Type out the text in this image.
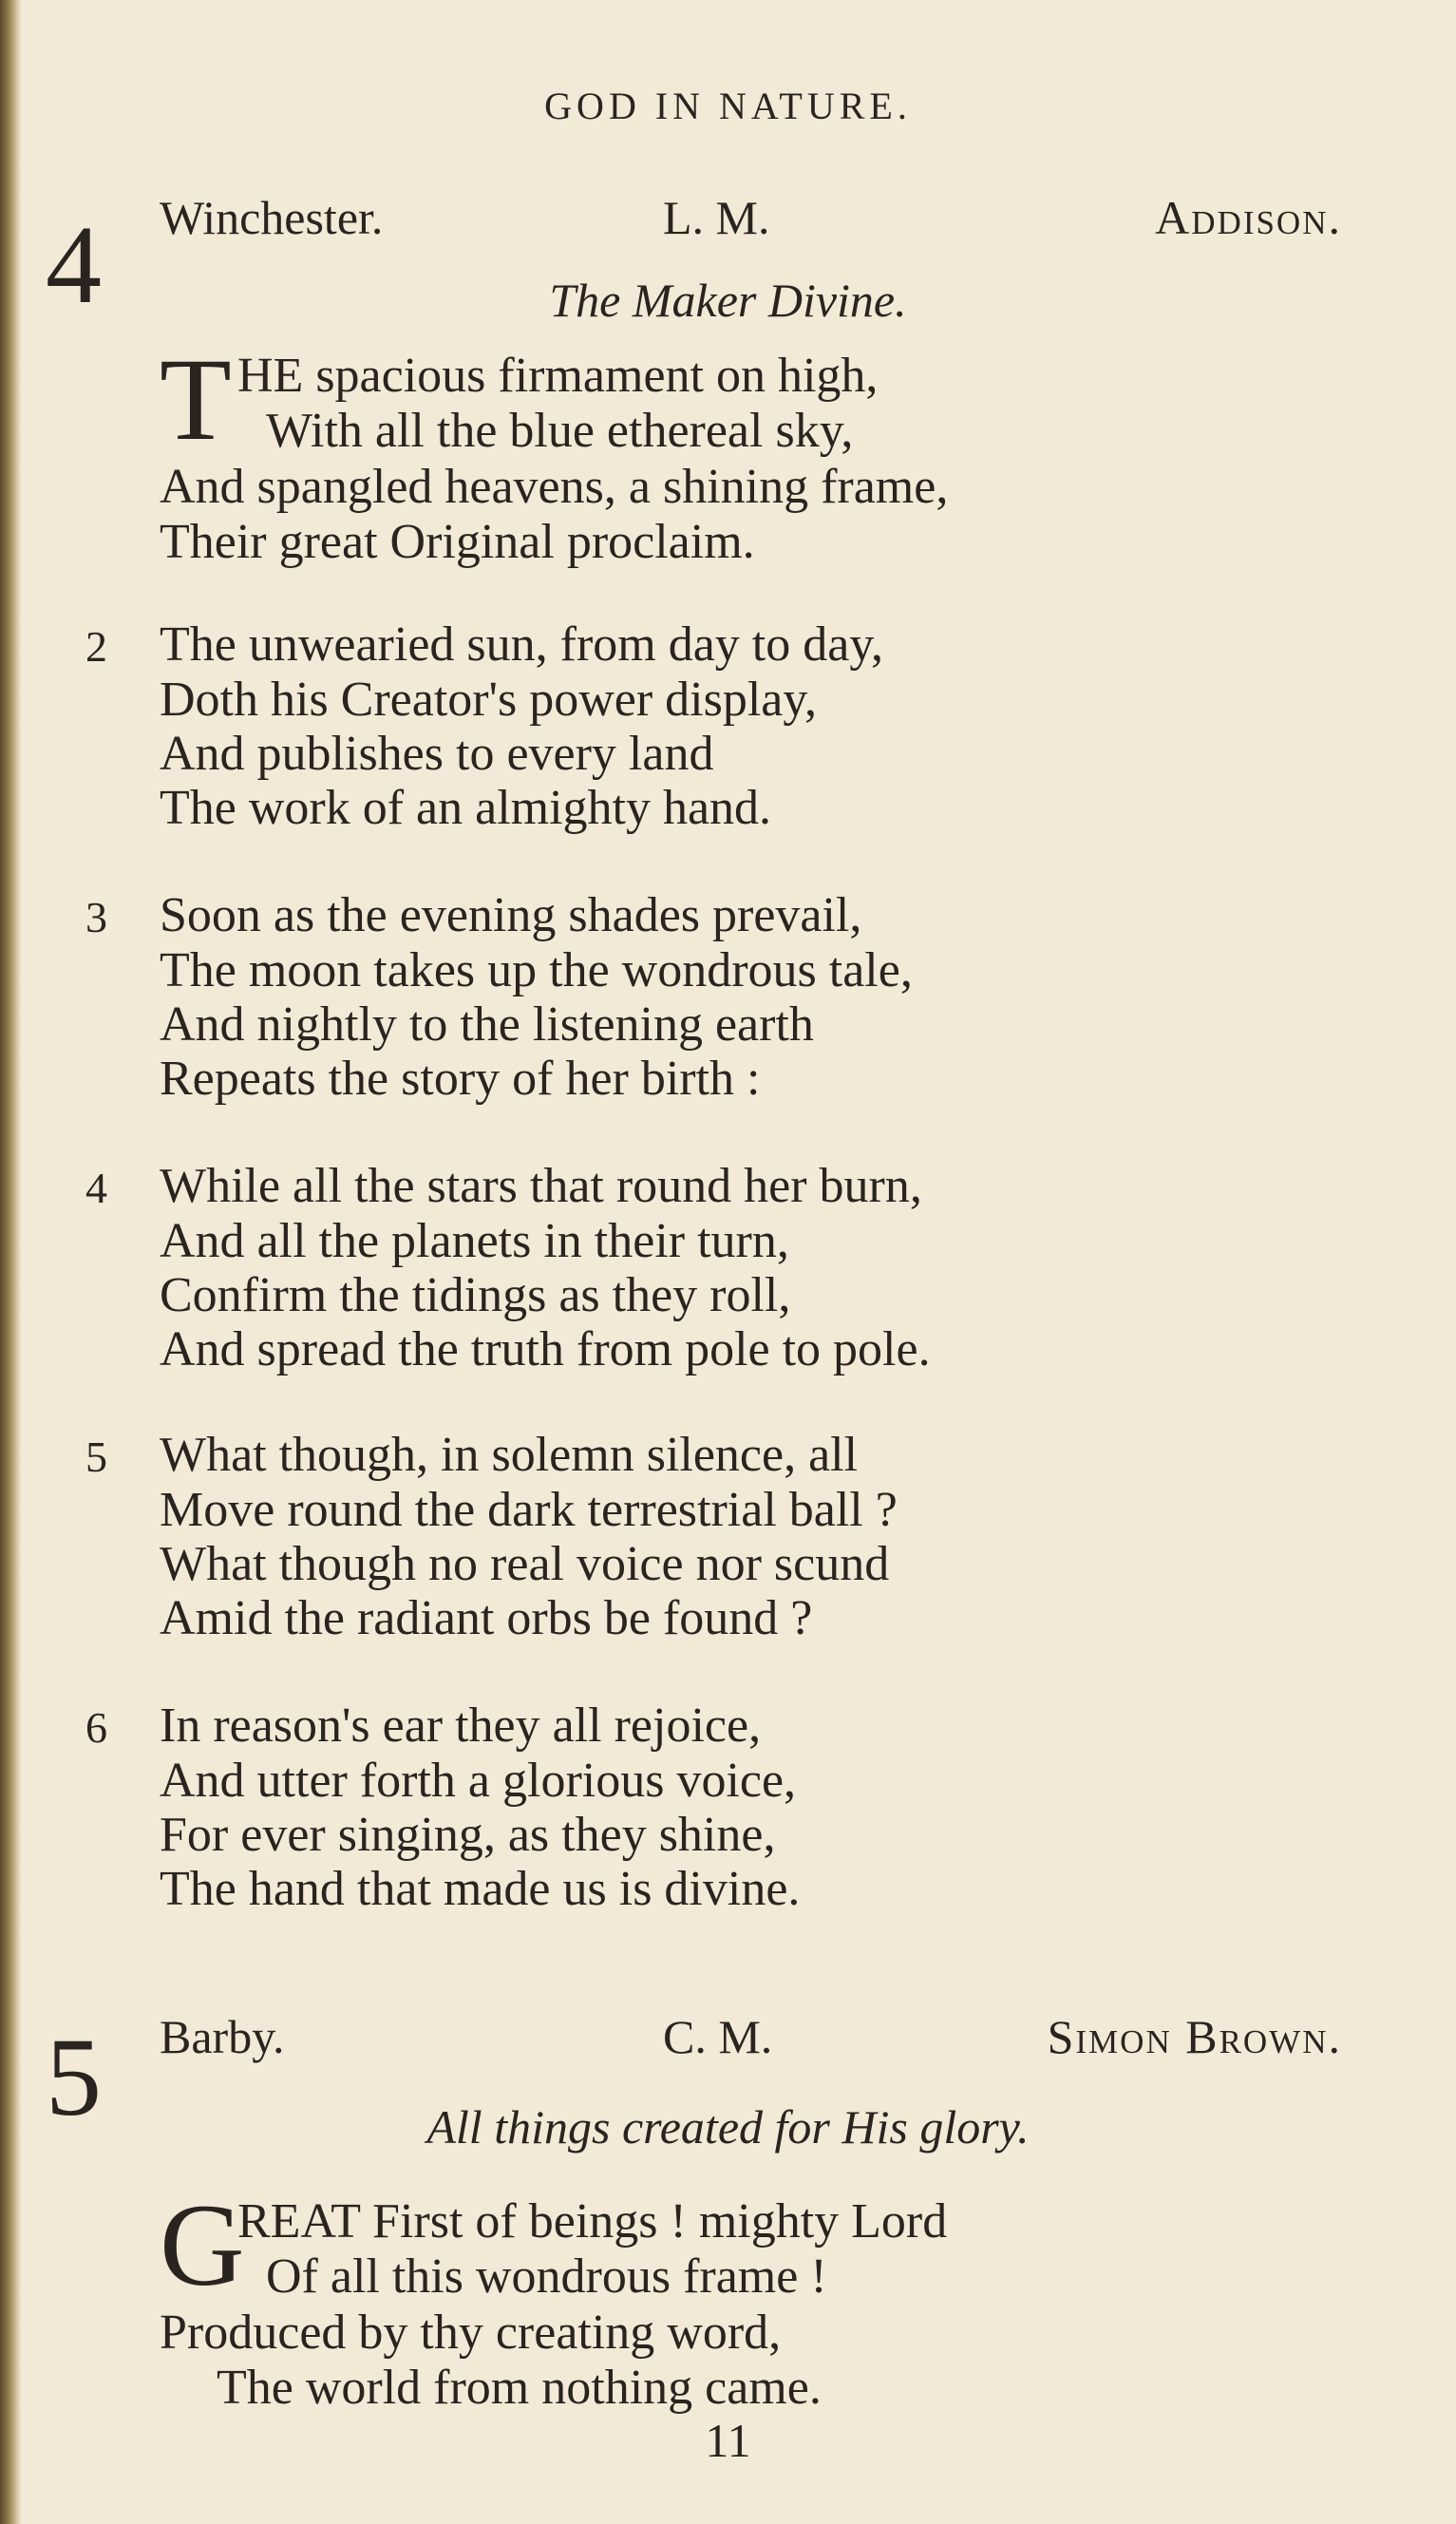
GOD IN NATURE.
4 Winchester.	L. M.	Addison.
The Maker Divine.
T HE spacious firmament on high,
With all the blue ethereal sky,
And spangled heavens, a shining frame,
Their great Original proclaim.
2	The unwearied sun, from day to day,
Doth his Creator's power display,
And publishes to every land
The work of an almighty hand.
3	Soon as the evening shades prevail,
The moon takes up the wondrous tale,
And nightly to the listening earth
Repeats the story of her birth :
4	While all the stars that round her burn,
And all the planets in their turn,
Confirm the tidings as they roll,
And spread the truth from pole to pole.
5	What though, in solemn silence, all
Move round the dark terrestrial ball ?
What though no real voice nor scund
Amid the radiant orbs be found ?
6	In reason's ear they all rejoice,
And utter forth a glorious voice,
For ever singing, as they shine,
The hand that made us is divine.
5 Barby.	C. M.	Simon Brown.
All things created for His glory.
G
REAT First of beings ! mighty Lord
Of all this wondrous frame !
Produced by thy creating word,
The world from nothing came.
11
